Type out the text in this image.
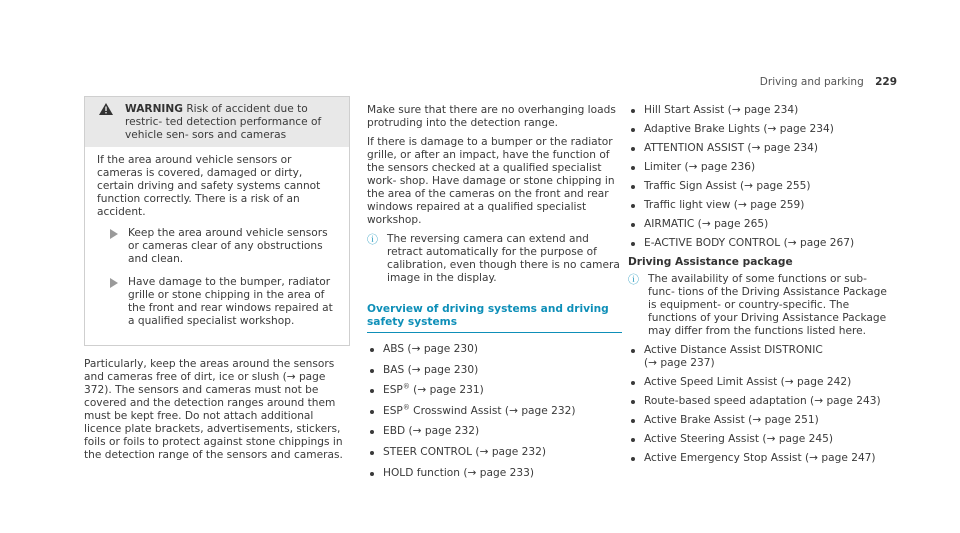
Driving and parking 229
WARNING Risk of accident due to restric- ted detection performance of vehicle sen- sors and cameras

If the area around vehicle sensors or cameras is covered, damaged or dirty, certain driving and safety systems cannot function correctly. There is a risk of an accident.

Keep the area around vehicle sensors or cameras clear of any obstructions and clean.
Have damage to the bumper, radiator grille or stone chipping in the area of the front and rear windows repaired at a qualified specialist workshop.

Particularly, keep the areas around the sensors and cameras free of dirt, ice or slush (→ page 372). The sensors and cameras must not be covered and the detection ranges around them must be kept free. Do not attach additional licence plate brackets, advertisements, stickers, foils or foils to protect against stone chippings in the detection range of the sensors and cameras.

Make sure that there are no overhanging loads protruding into the detection range.

If there is damage to a bumper or the radiator grille, or after an impact, have the function of the sensors checked at a qualified specialist work- shop. Have damage or stone chipping in the area of the cameras on the front and rear windows repaired at a qualified specialist workshop.

ⓘ The reversing camera can extend and retract automatically for the purpose of calibration, even though there is no camera image in the display.
Overview of driving systems and driving safety systems
ABS (→ page 230)
BAS (→ page 230)
ESP® (→ page 231)
ESP® Crosswind Assist (→ page 232)
EBD (→ page 232)
STEER CONTROL (→ page 232)
HOLD function (→ page 233)
Hill Start Assist (→ page 234)
Adaptive Brake Lights (→ page 234)
ATTENTION ASSIST (→ page 234)
Limiter (→ page 236)
Traffic Sign Assist (→ page 255)
Traffic light view (→ page 259)
AIRMATIC (→ page 265)
E-ACTIVE BODY CONTROL (→ page 267)
Driving Assistance package
ⓘ The availability of some functions or sub-func- tions of the Driving Assistance Package is equipment- or country-specific. The functions of your Driving Assistance Package may differ from the functions listed here.
Active Distance Assist DISTRONIC
(→ page 237)
Active Speed Limit Assist (→ page 242)
Route-based speed adaptation (→ page 243)
Active Brake Assist (→ page 251)
Active Steering Assist (→ page 245)
Active Emergency Stop Assist (→ page 247)
